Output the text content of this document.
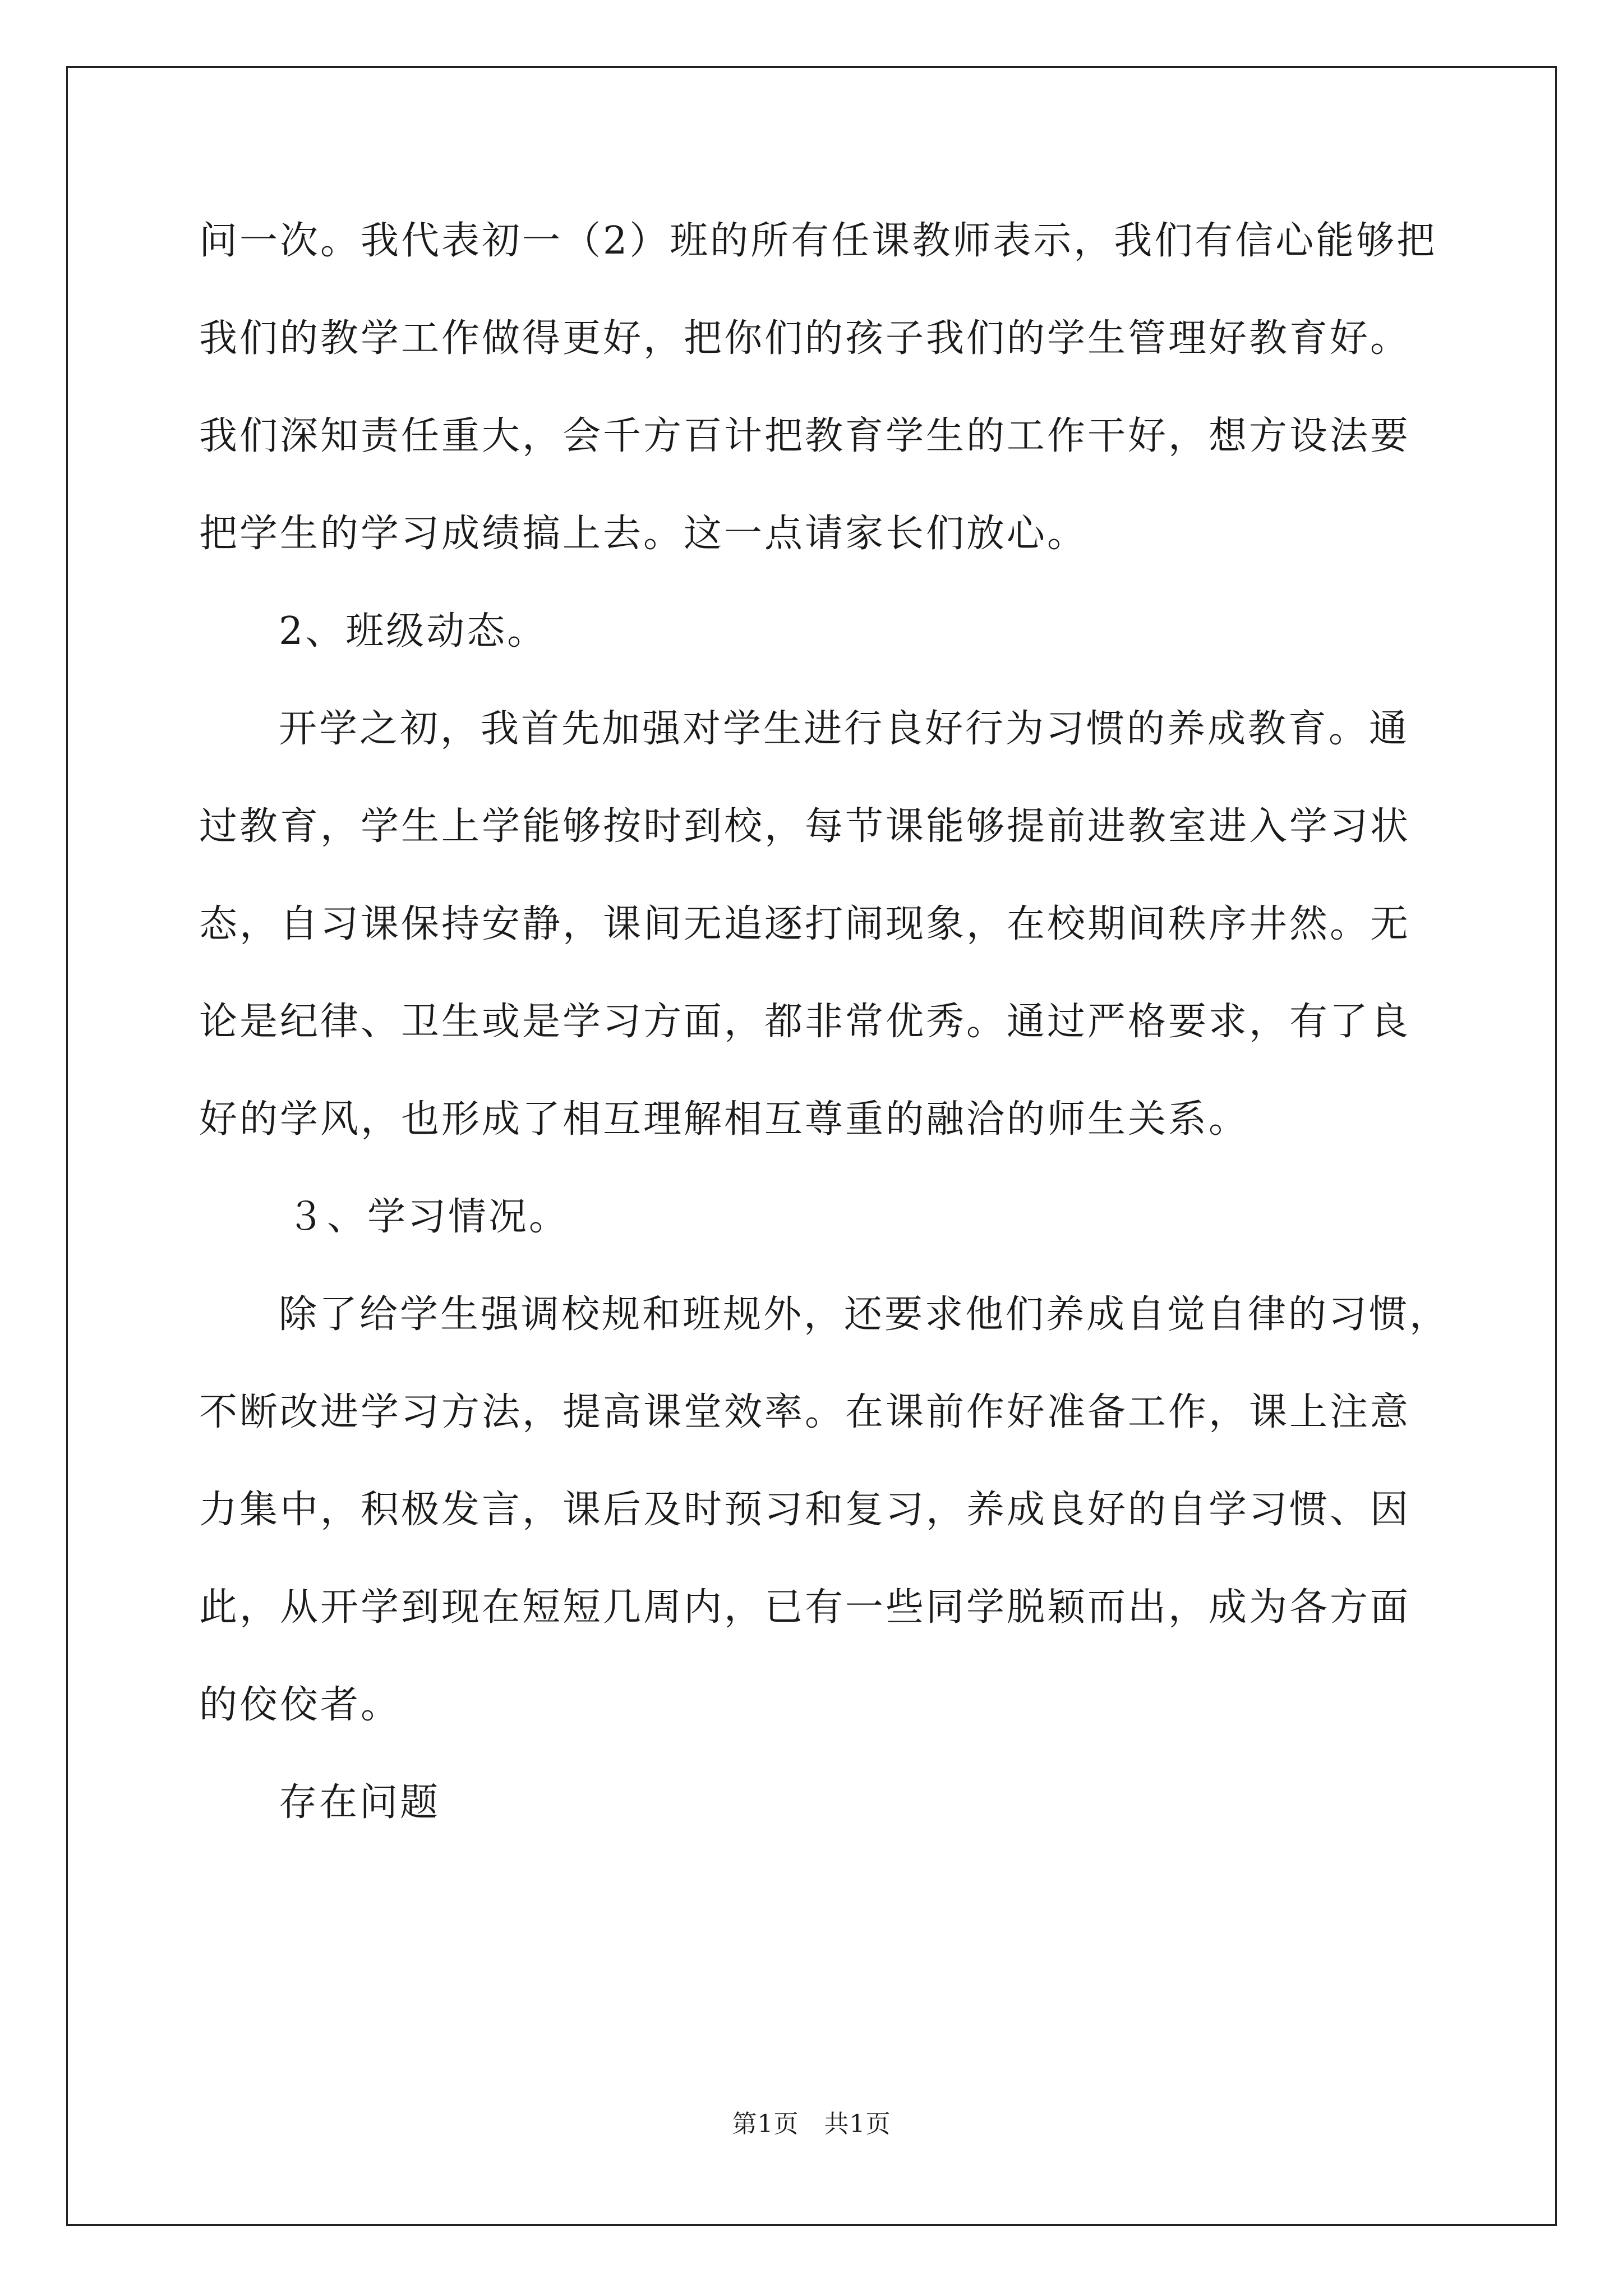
问一次。我代表初一（2）班的所有任课教师表示，我们有信心能够把
我们的教学工作做得更好，把你们的孩子我们的学生管理好教育好。
我们深知责任重大，会千方百计把教育学生的工作干好，想方设法要
把学生的学习成绩搞上去。这一点请家长们放心。
2、班级动态。
开学之初，我首先加强对学生进行良好行为习惯的养成教育。通
过教育，学生上学能够按时到校，每节课能够提前进教室进入学习状
态，自习课保持安静，课间无追逐打闹现象，在校期间秩序井然。无
论是纪律、卫生或是学习方面，都非常优秀。通过严格要求，有了良
好的学风，也形成了相互理解相互尊重的融洽的师生关系。
３、学习情况。
除了给学生强调校规和班规外，还要求他们养成自觉自律的习惯，
不断改进学习方法，提高课堂效率。在课前作好准备工作，课上注意
力集中，积极发言，课后及时预习和复习，养成良好的自学习惯、因
此，从开学到现在短短几周内，已有一些同学脱颖而出，成为各方面
的佼佼者。
存在问题
第1页   共1页
